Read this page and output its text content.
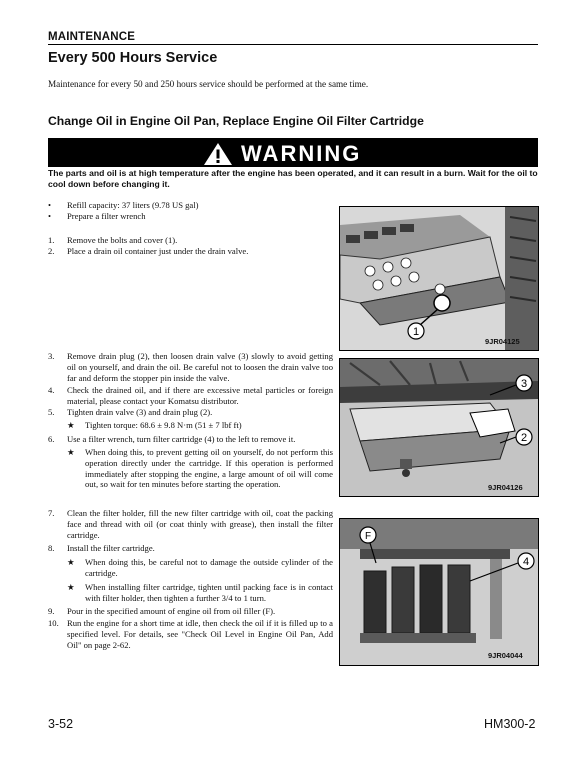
MAINTENANCE
Every 500 Hours Service
Maintenance for every 50 and 250 hours service should be performed at the same time.
Change Oil in Engine Oil Pan, Replace Engine Oil Filter Cartridge
WARNING
The parts and oil is at high temperature after the engine has been operated, and it can result in a burn. Wait for the oil to cool down before changing it.
• Refill capacity: 37 liters (9.78 US gal)
• Prepare a filter wrench
1. Remove the bolts and cover (1).
2. Place a drain oil container just under the drain valve.
3. Remove drain plug (2), then loosen drain valve (3) slowly to avoid getting oil on yourself, and drain the oil. Be careful not to loosen the drain valve too far and deform the stopper pin inside the valve.
4. Check the drained oil, and if there are excessive metal particles or foreign material, please contact your Komatsu distributor.
5. Tighten drain valve (3) and drain plug (2).
★ Tighten torque: 68.6 ± 9.8 N·m (51 ± 7 lbf ft)
6. Use a filter wrench, turn filter cartridge (4) to the left to remove it.
★ When doing this, to prevent getting oil on yourself, do not perform this operation directly under the cartridge. If this operation is performed immediately after stopping the engine, a large amount of oil will come out, so wait for ten minutes before starting the operation.
7. Clean the filter holder, fill the new filter cartridge with oil, coat the packing face and thread with oil (or coat thinly with grease), then install the filter cartridge.
8. Install the filter cartridge.
★ When doing this, be careful not to damage the outside cylinder of the cartridge.
★ When installing filter cartridge, tighten until packing face is in contact with filter holder, then tighten a further 3/4 to 1 turn.
9. Pour in the specified amount of engine oil from oil filler (F).
10. Run the engine for a short time at idle, then check the oil if it is filled up to a specified level. For details, see "Check Oil Level in Engine Oil Pan, Add Oil" on page 2-62.
1
9JR04125
3
2
9JR04126
F
4
9JR04044
3-52	HM300-2
